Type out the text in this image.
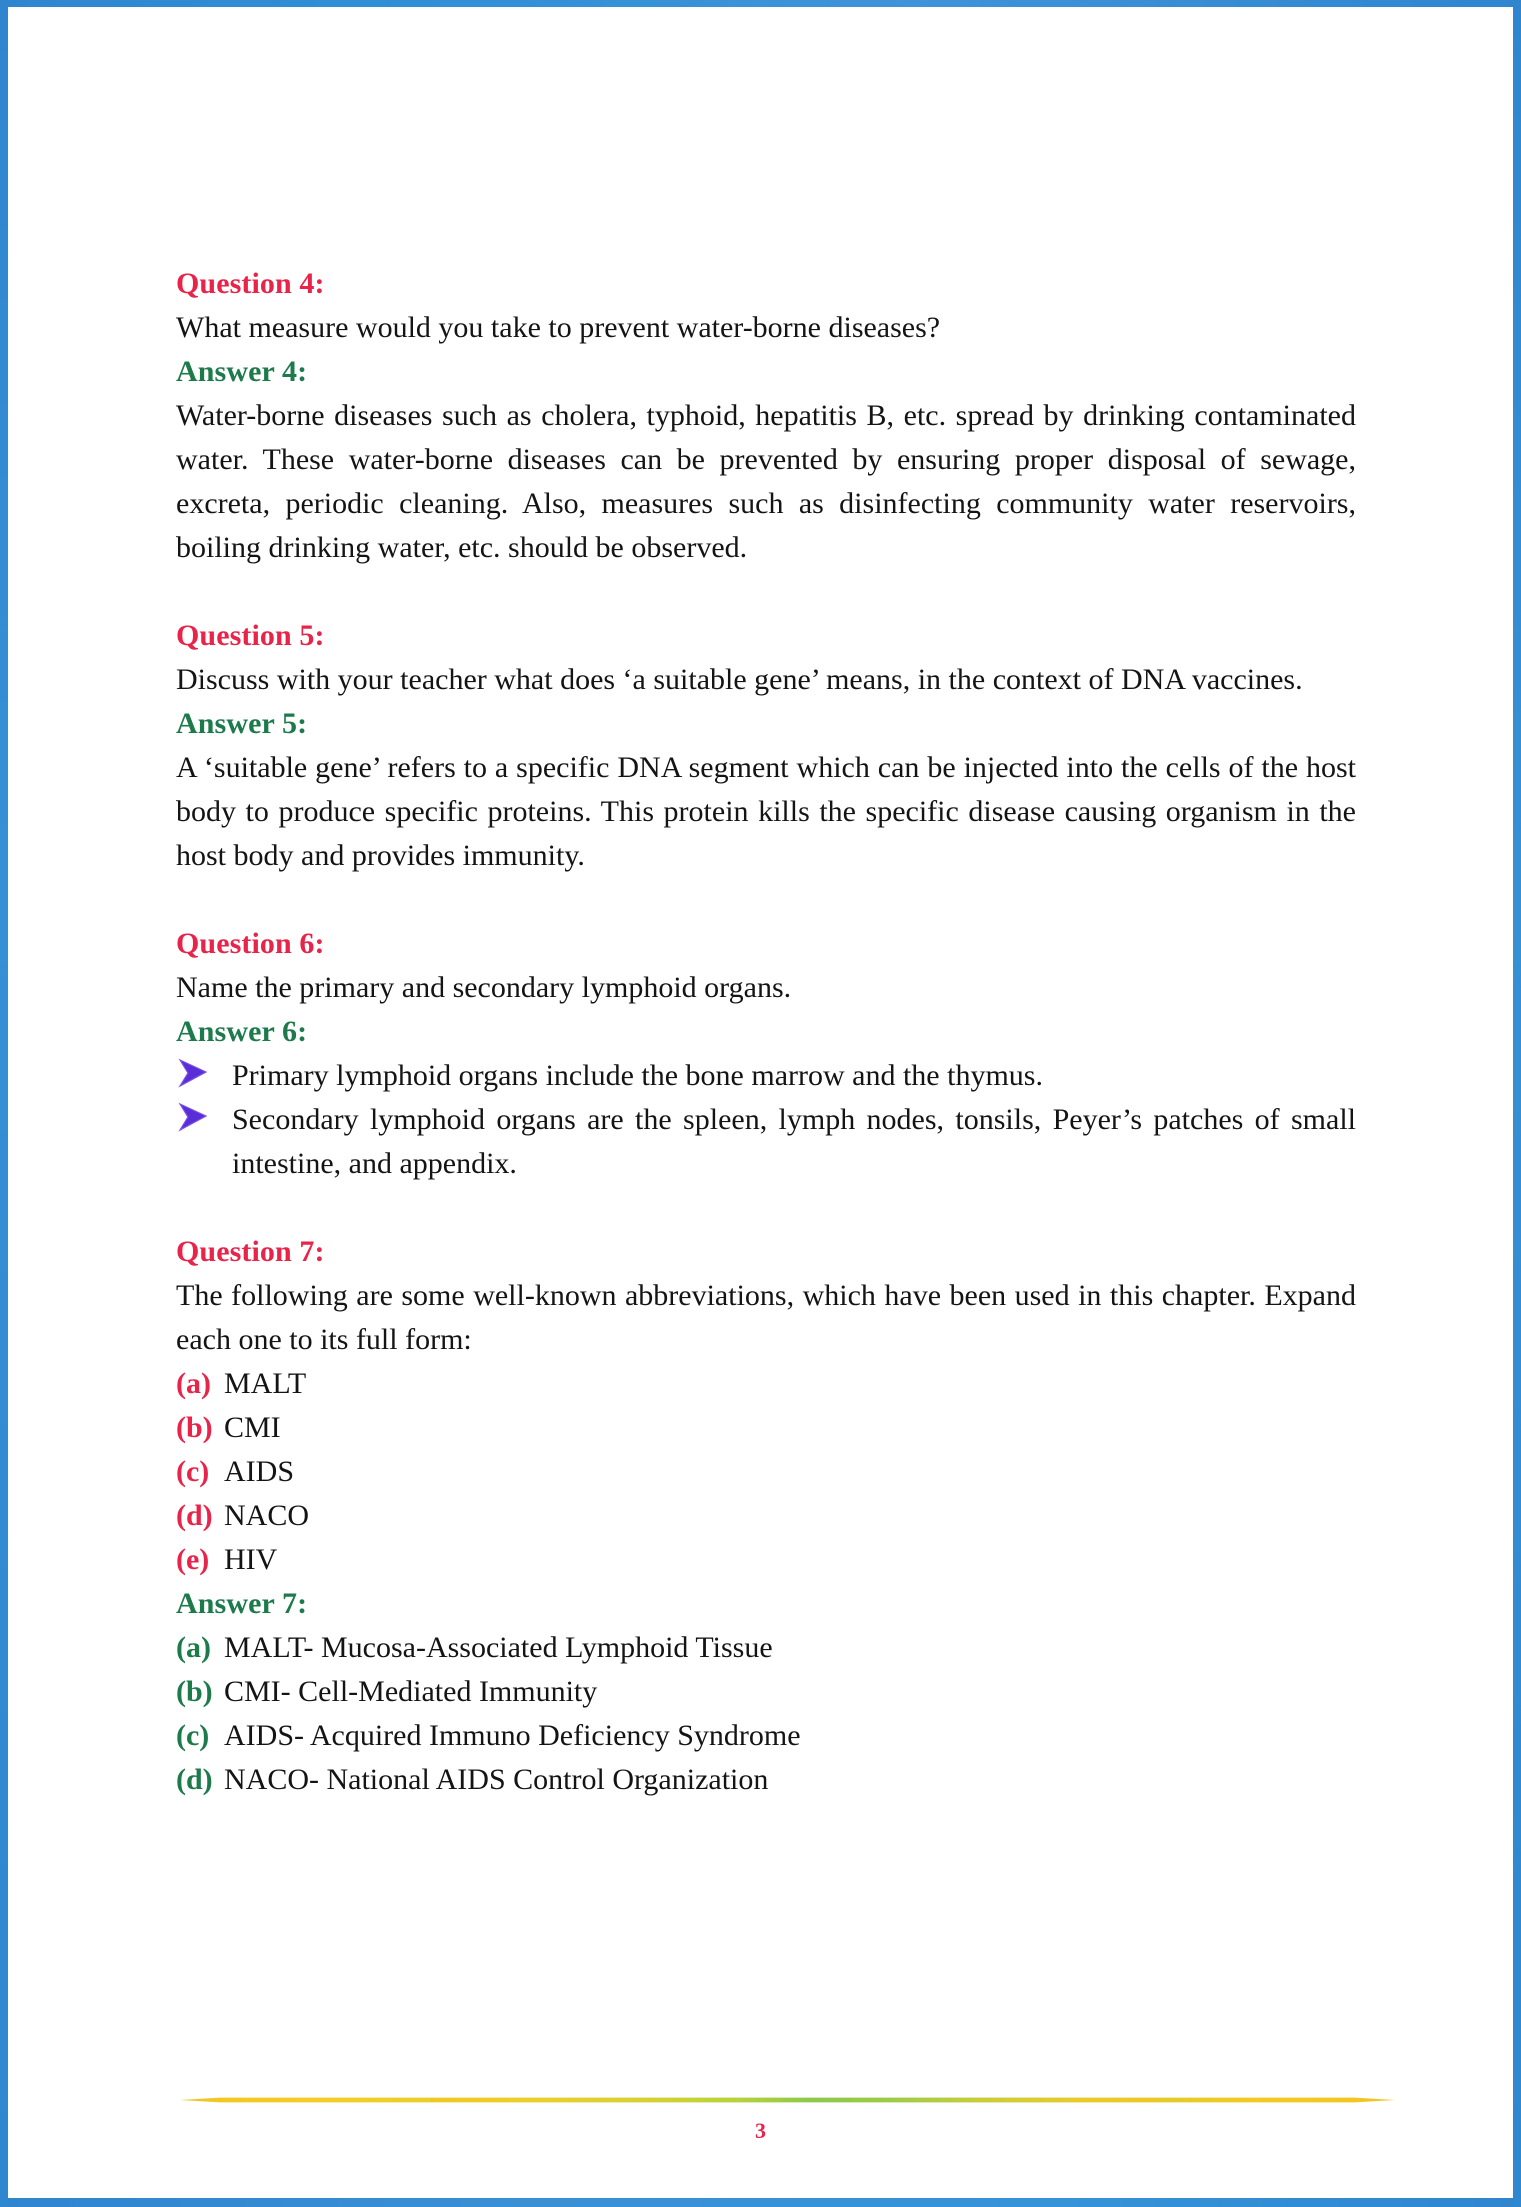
Question 4:
What measure would you take to prevent water-borne diseases?
Answer 4:
Water-borne diseases such as cholera, typhoid, hepatitis B, etc. spread by drinking contaminated water. These water-borne diseases can be prevented by ensuring proper disposal of sewage, excreta, periodic cleaning. Also, measures such as disinfecting community water reservoirs, boiling drinking water, etc. should be observed.
Question 5:
Discuss with your teacher what does ‘a suitable gene’ means, in the context of DNA vaccines.
Answer 5:
A ‘suitable gene’ refers to a specific DNA segment which can be injected into the cells of the host body to produce specific proteins. This protein kills the specific disease causing organism in the host body and provides immunity.
Question 6:
Name the primary and secondary lymphoid organs.
Answer 6:
Primary lymphoid organs include the bone marrow and the thymus.
Secondary lymphoid organs are the spleen, lymph nodes, tonsils, Peyer’s patches of small intestine, and appendix.
Question 7:
The following are some well-known abbreviations, which have been used in this chapter. Expand each one to its full form:
(a) MALT
(b) CMI
(c) AIDS
(d) NACO
(e) HIV
Answer 7:
(a) MALT- Mucosa-Associated Lymphoid Tissue
(b) CMI- Cell-Mediated Immunity
(c) AIDS- Acquired Immuno Deficiency Syndrome
(d) NACO- National AIDS Control Organization
3
